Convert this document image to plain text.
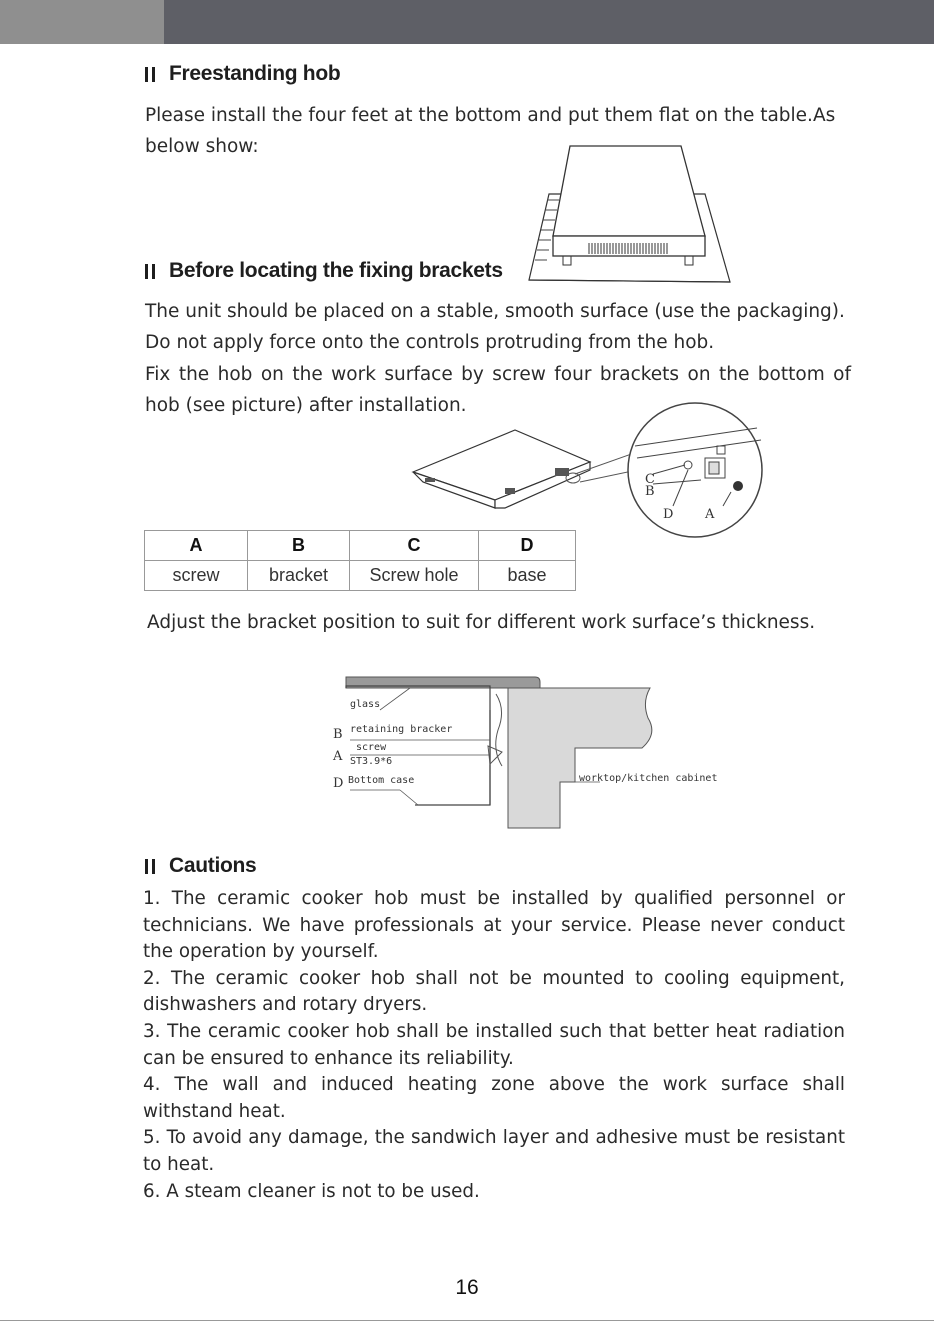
Freestanding hob

Please install the four feet at the bottom and put them flat on the table.As below show:

Before locating the fixing brackets

The unit should be placed on a stable, smooth surface (use the packaging).

Do not apply force onto the controls protruding from the hob.

Fix the hob on the work surface by screw four brackets on the bottom of hob (see picture) after installation.

C
B
D A
A	B	C	D
screw	bracket	Screw hole	base

Adjust the bracket position to suit for different work surface’s thickness.

glass
retaining bracker
screw
ST3.9*6
Bottom case	worktop/kitchen cabinet
B
A
D
Cautions

1. The ceramic cooker hob must be installed by qualified personnel or technicians. We have professionals at your service. Please never conduct the operation by yourself.

2. The ceramic cooker hob shall not be mounted to cooling equipment, dishwashers and rotary dryers.

3. The ceramic cooker hob shall be installed such that better heat radiation can be ensured to enhance its reliability.

4. The wall and induced heating zone above the work surface shall withstand heat.

5. To avoid any damage, the sandwich layer and adhesive must be resistant to heat.

6. A steam cleaner is not to be used.

16
